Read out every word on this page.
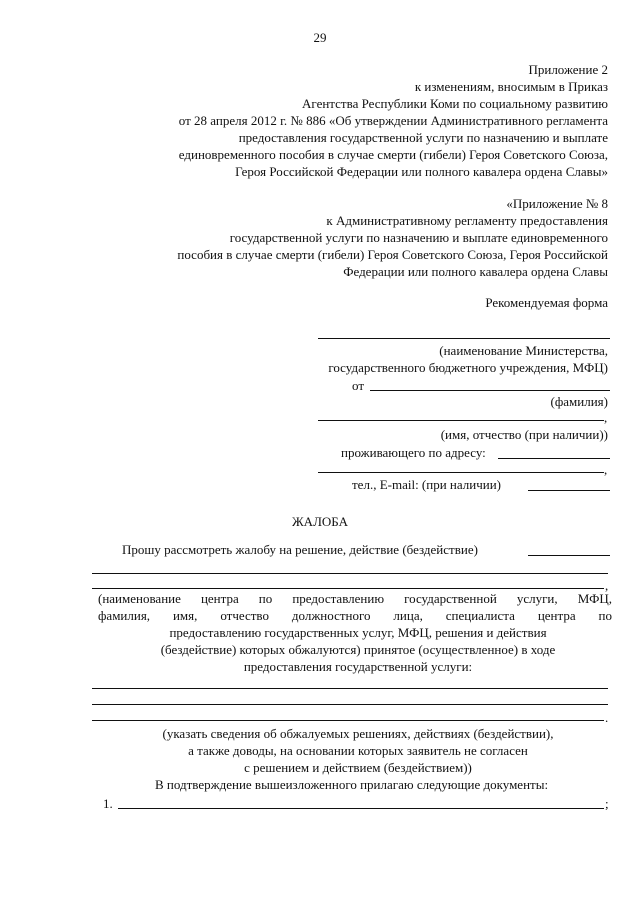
29
Приложение 2
к изменениям, вносимым в Приказ
Агентства Республики Коми по социальному развитию
от 28 апреля 2012 г. № 886 «Об утверждении Административного регламента
предоставления государственной услуги по назначению и выплате
единовременного пособия в случае смерти (гибели) Героя Советского Союза,
Героя Российской Федерации или полного кавалера ордена Славы»
«Приложение № 8
к Административному регламенту предоставления
государственной услуги по назначению и выплате единовременного
пособия в случае смерти (гибели) Героя Советского Союза, Героя Российской
Федерации или полного кавалера ордена Славы
Рекомендуемая форма
(наименование Министерства,
государственного бюджетного учреждения, МФЦ)
от
(фамилия)
,
(имя, отчество (при наличии))
проживающего по адресу:
,
тел., E-mail: (при наличии)
ЖАЛОБА
Прошу рассмотреть жалобу на решение, действие (бездействие)
,
(наименование центра по предоставлению государственной услуги, МФЦ,
фамилия, имя, отчество должностного лица, специалиста центра по
предоставлению государственных услуг, МФЦ, решения и действия
(бездействие) которых обжалуются) принятое (осуществленное) в ходе
предоставления государственной услуги:
.
(указать сведения об обжалуемых решениях, действиях (бездействии),
а также доводы, на основании которых заявитель не согласен
с решением и действием (бездействием))
В подтверждение вышеизложенного прилагаю следующие документы:
1.	;
